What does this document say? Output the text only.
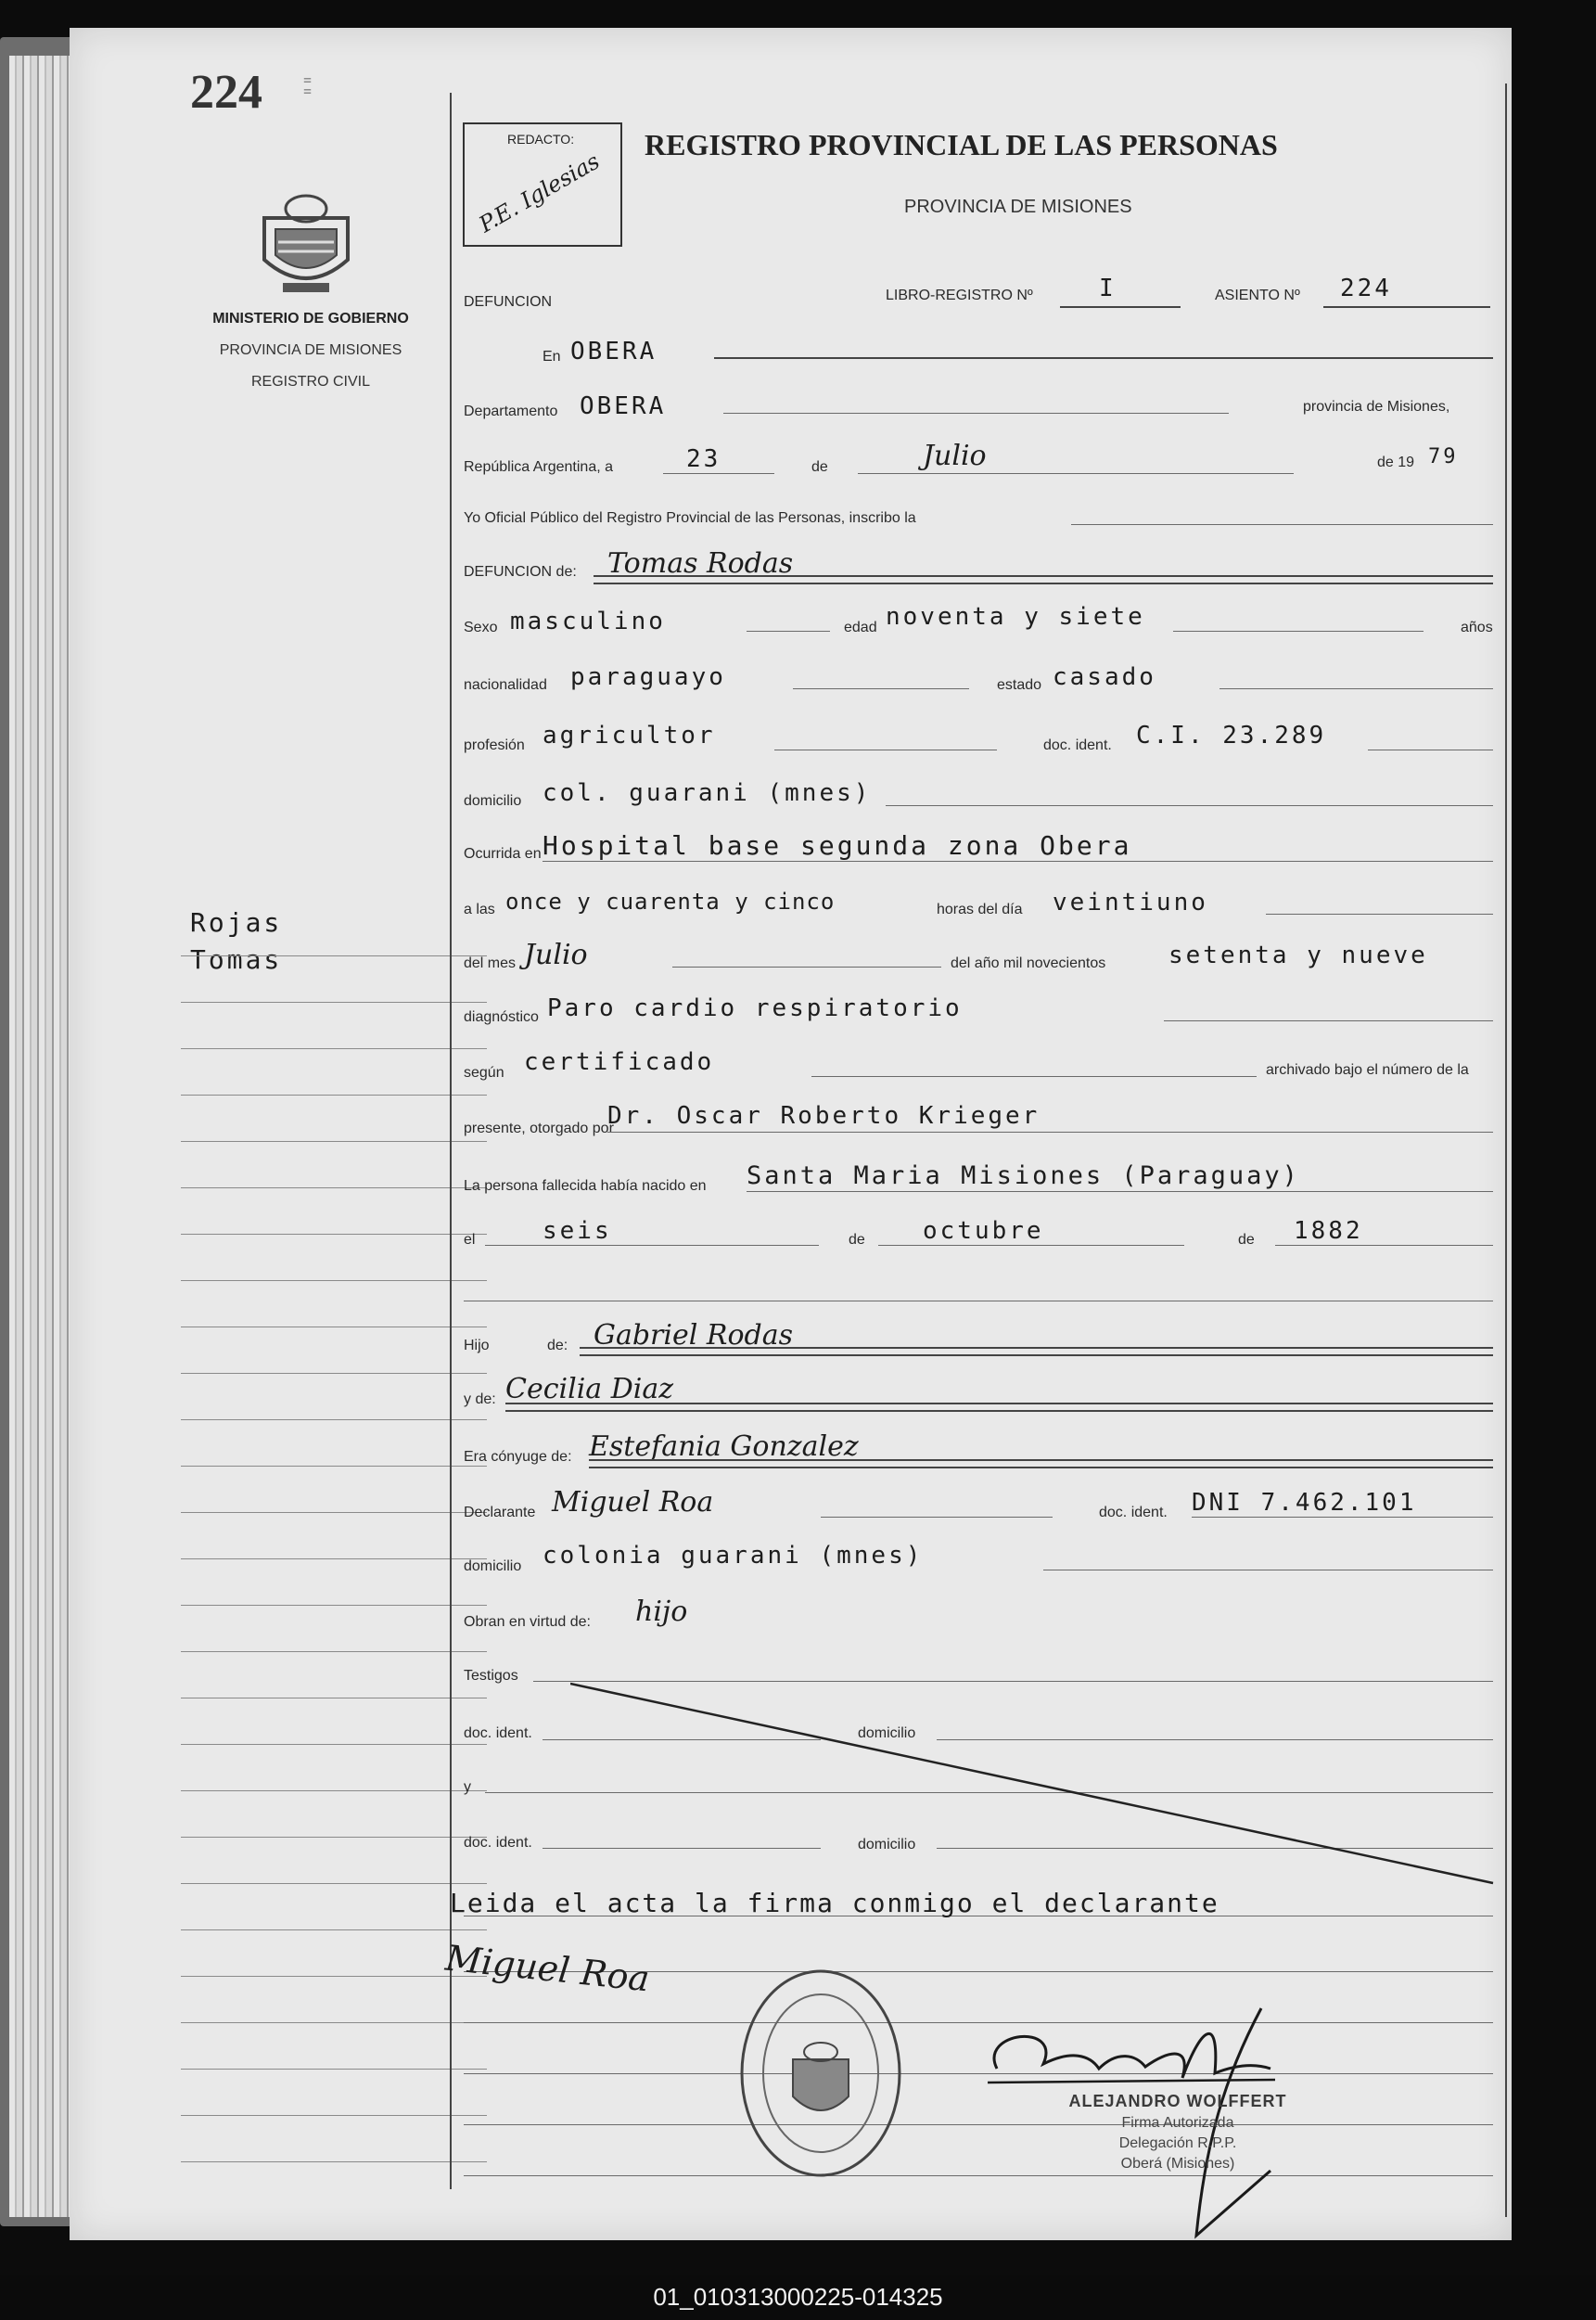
224	=
=
MINISTERIO DE GOBIERNO
PROVINCIA DE MISIONES
REGISTRO CIVIL
Rojas
Tomas
REDACTO:
P.E. Iglesias
REGISTRO PROVINCIAL DE LAS PERSONAS
PROVINCIA DE MISIONES
DEFUNCION	LIBRO-REGISTRO Nº	I	ASIENTO Nº 224
En OBERA
Departamento OBERA	provincia de Misiones,
República Argentina, a	23	de	Julio	de 19 79
Yo Oficial Público del Registro Provincial de las Personas, inscribo la
DEFUNCION de: Tomas Rodas
Sexo masculino	edad noventa y siete	años
nacionalidad paraguayo	estado casado
profesión agricultor	doc. ident. C.I. 23.289
domicilio col. guarani (mnes)
Ocurrida en Hospital base segunda zona Obera
a las once y cuarenta y cinco	horas del día veintiuno
del mes Julio	del año mil novecientos	setenta y nueve
diagnóstico Paro cardio respiratorio
según certificado	archivado bajo el número de la
presente, otorgado por
Dr. Oscar Roberto Krieger
La persona fallecida había nacido en Santa Maria Misiones (Paraguay)
el	seis	de octubre	de 1882
Hijo	de: Gabriel Rodas
y de: Cecilia Diaz
Era cónyuge de: Estefania Gonzalez
Declarante Miguel Roa	doc. ident. DNI 7.462.101
domicilio colonia guarani (mnes)
Obran en virtud de: hijo
Testigos
doc. ident.	domicilio
y
doc. ident.	domicilio
Leida el acta la firma conmigo el declarante
Miguel Roa
ALEJANDRO WOLFFERT
Firma Autorizada
Delegación R.P.P.
Oberá (Misiones)
01_010313000225-014325
